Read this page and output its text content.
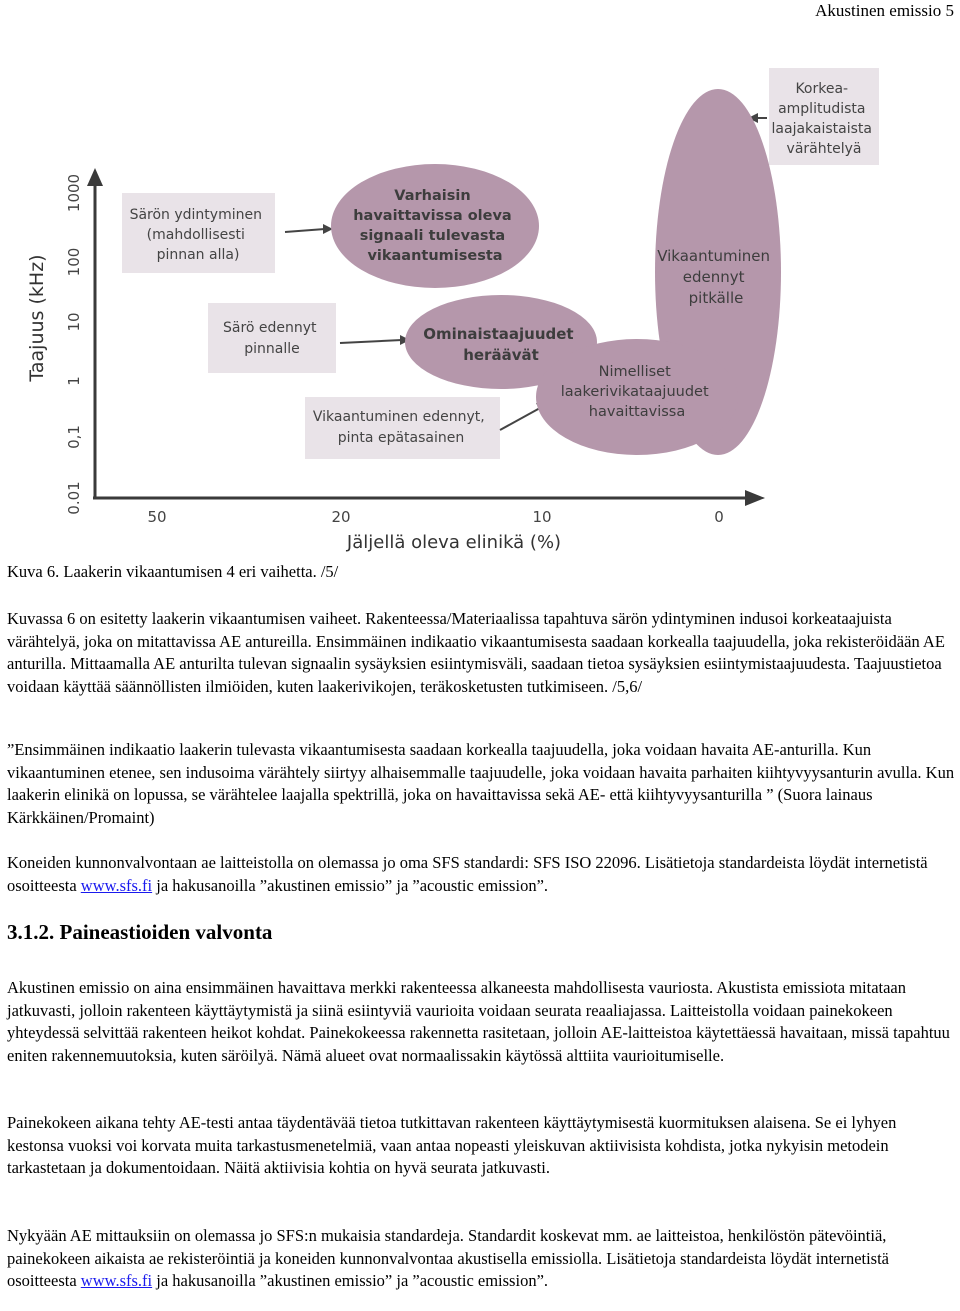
Akustinen emissio 5
Taajuus (kHz)
0.01
0,1
1
10
100
1000
50	20	10	0
Jäljellä oleva elinikä (%)
Särön ydintyminen (mahdollisesti pinnan alla)
Särö edennyt pinnalle
Vikaantuminen edennyt, pinta epätasainen
Korkea- amplitudista laajakaistaista värähtelyä
Vikaantuminen edennyt pitkälle
Varhaisin havaittavissa oleva signaali tulevasta vikaantumisesta
Ominaistaajuudet heräävät
Nimelliset laakerivikataajuudet havaittavissa
Kuva 6. Laakerin vikaantumisen 4 eri vaihetta. /5/

Kuvassa 6 on esitetty laakerin vikaantumisen vaiheet. Rakenteessa/Materiaalissa tapahtuva särön ydintyminen indusoi korkeataajuista värähtelyä, joka on mitattavissa AE antureilla. Ensimmäinen indikaatio vikaantumisesta saadaan korkealla taajuudella, joka rekisteröidään AE anturilla. Mittaamalla AE anturilta tulevan signaalin sysäyksien esiintymisväli, saadaan tietoa sysäyksien esiintymistaajuudesta. Taajuustietoa voidaan käyttää säännöllisten ilmiöiden, kuten laakerivikojen, teräkosketusten tutkimiseen. /5,6/

”Ensimmäinen indikaatio laakerin tulevasta vikaantumisesta saadaan korkealla taajuudella, joka voidaan havaita AE-anturilla. Kun vikaantuminen etenee, sen indusoima värähtely siirtyy alhaisemmalle taajuudelle, joka voidaan havaita parhaiten kiihtyvyysanturin avulla. Kun laakerin elinikä on lopussa, se värähtelee laajalla spektrillä, joka on havaittavissa sekä AE- että kiihtyvyysanturilla ” (Suora lainaus Kärkkäinen/Promaint)

Koneiden kunnonvalvontaan ae laitteistolla on olemassa jo oma SFS standardi: SFS ISO 22096. Lisätietoja standardeista löydät internetistä osoitteesta www.sfs.fi ja hakusanoilla ”akustinen emissio” ja ”acoustic emission”.

3.1.2. Paineastioiden valvonta

Akustinen emissio on aina ensimmäinen havaittava merkki rakenteessa alkaneesta mahdollisesta vauriosta. Akustista emissiota mitataan jatkuvasti, jolloin rakenteen käyttäytymistä ja siinä esiintyviä vaurioita voidaan seurata reaaliajassa. Laitteistolla voidaan painekokeen yhteydessä selvittää rakenteen heikot kohdat. Painekokeessa rakennetta rasitetaan, jolloin AE-laitteistoa käytettäessä havaitaan, missä tapahtuu eniten rakennemuutoksia, kuten säröilyä. Nämä alueet ovat normaalissakin käytössä alttiita vaurioitumiselle.

Painekokeen aikana tehty AE-testi antaa täydentävää tietoa tutkittavan rakenteen käyttäytymisestä kuormituksen alaisena. Se ei lyhyen kestonsa vuoksi voi korvata muita tarkastusmenetelmiä, vaan antaa nopeasti yleiskuvan aktiivisista kohdista, jotka nykyisin metodein tarkastetaan ja dokumentoidaan. Näitä aktiivisia kohtia on hyvä seurata jatkuvasti.

Nykyään AE mittauksiin on olemassa jo SFS:n mukaisia standardeja. Standardit koskevat mm. ae laitteistoa, henkilöstön pätevöintiä, painekokeen aikaista ae rekisteröintiä ja koneiden kunnonvalvontaa akustisella emissiolla. Lisätietoja standardeista löydät internetistä osoitteesta www.sfs.fi ja hakusanoilla ”akustinen emissio” ja ”acoustic emission”.
